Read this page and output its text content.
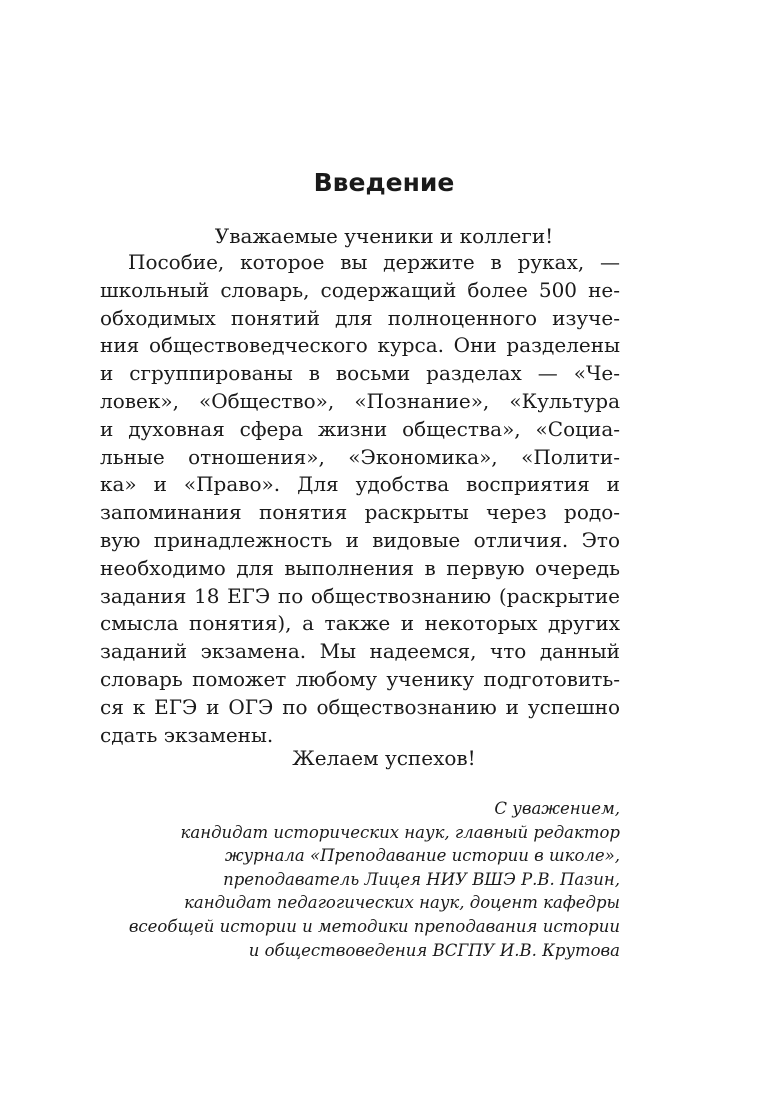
Введение

Уважаемые ученики и коллеги!

Пособие, которое вы держите в руках, —
школьный словарь, содержащий более 500 не-
обходимых понятий для полноценного изуче-
ния обществоведческого курса. Они разделены
и сгруппированы в восьми разделах — «Че-
ловек», «Общество», «Познание», «Культура
и духовная сфера жизни общества», «Социа-
льные отношения», «Экономика», «Полити-
ка» и «Право». Для удобства восприятия и
запоминания понятия раскрыты через родо-
вую принадлежность и видовые отличия. Это
необходимо для выполнения в первую очередь
задания 18 ЕГЭ по обществознанию (раскрытие
смысла понятия), а также и некоторых других
заданий экзамена. Мы надеемся, что данный
словарь поможет любому ученику подготовить-
ся к ЕГЭ и ОГЭ по обществознанию и успешно
сдать экзамены.

Желаем успехов!

С уважением,
кандидат исторических наук, главный редактор
журнала «Преподавание истории в школе»,
преподаватель Лицея НИУ ВШЭ Р.В. Пазин,
кандидат педагогических наук, доцент кафедры
всеобщей истории и методики преподавания истории
и обществоведения ВСГПУ И.В. Крутова
